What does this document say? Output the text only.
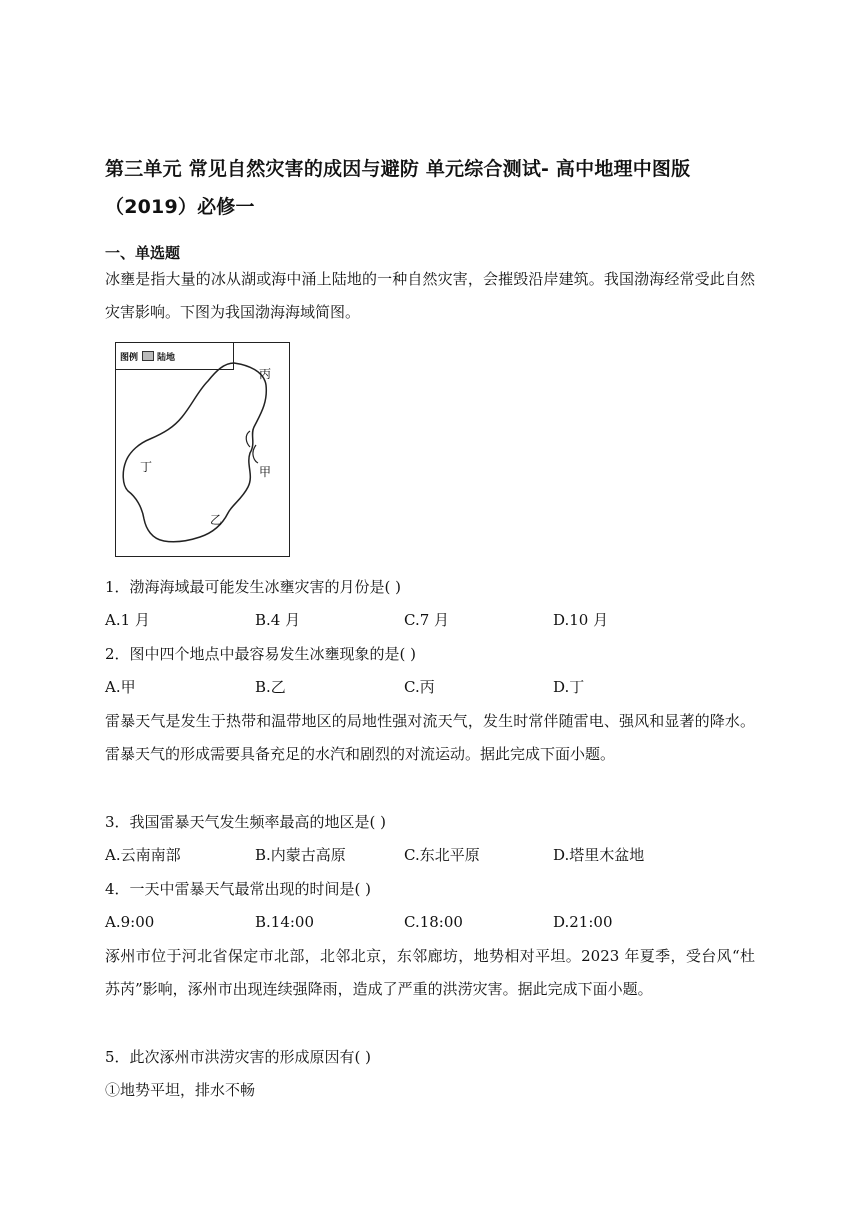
第三单元 常见自然灾害的成因与避防 单元综合测试- 高中地理中图版（2019）必修一
一、单选题
冰壅是指大量的冰从湖或海中涌上陆地的一种自然灾害，会摧毁沿岸建筑。我国渤海经常受此自然灾害影响。下图为我国渤海海域简图。
图例 陆地
丙
甲
乙
丁
1．渤海海域最可能发生冰壅灾害的月份是( )
A.1 月	B.4 月	C.7 月	D.10 月
2．图中四个地点中最容易发生冰壅现象的是( )
A.甲	B.乙	C.丙	D.丁
雷暴天气是发生于热带和温带地区的局地性强对流天气，发生时常伴随雷电、强风和显著的降水。雷暴天气的形成需要具备充足的水汽和剧烈的对流运动。据此完成下面小题。
3．我国雷暴天气发生频率最高的地区是( )
A.云南南部	B.内蒙古高原	C.东北平原	D.塔里木盆地
4．一天中雷暴天气最常出现的时间是( )
A.9:00	B.14:00	C.18:00	D.21:00
涿州市位于河北省保定市北部，北邻北京，东邻廊坊，地势相对平坦。2023 年夏季，受台风“杜苏芮”影响，涿州市出现连续强降雨，造成了严重的洪涝灾害。据此完成下面小题。
5．此次涿州市洪涝灾害的形成原因有( )
①地势平坦，排水不畅
